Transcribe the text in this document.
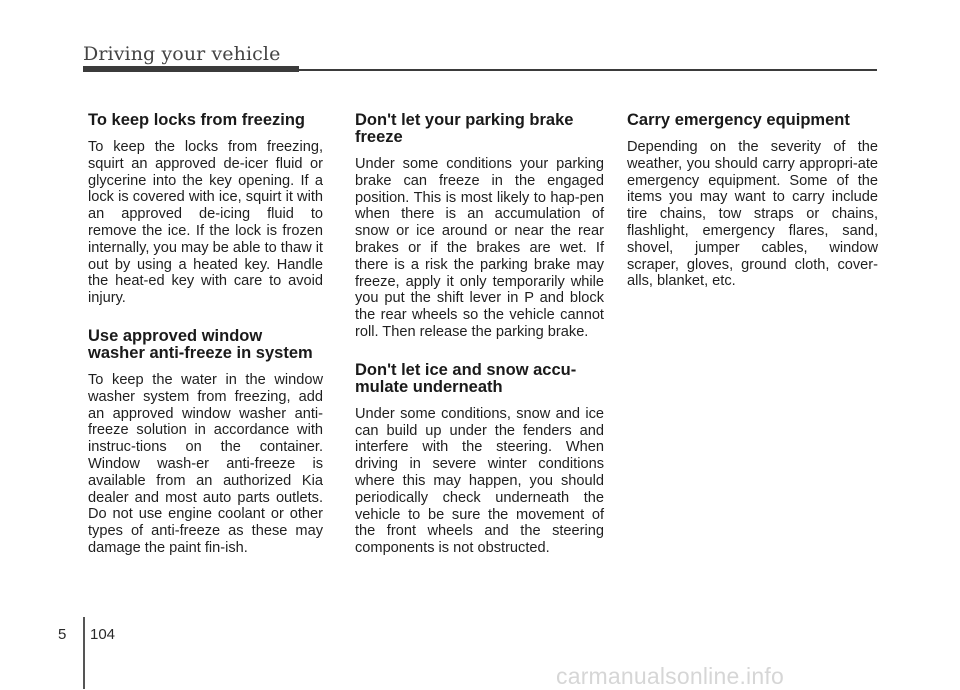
Driving your vehicle
To keep locks from freezing

To keep the locks from freezing, squirt an approved de-icer fluid or glycerine into the key opening. If a lock is covered with ice, squirt it with an approved de-icing fluid to remove the ice. If the lock is frozen internally, you may be able to thaw it out by using a heated key. Handle the heat-ed key with care to avoid injury.

Use approved window washer anti-freeze in system

To keep the water in the window washer system from freezing, add an approved window washer anti-freeze solution in accordance with instruc-tions on the container. Window wash-er anti-freeze is available from an authorized Kia dealer and most auto parts outlets. Do not use engine coolant or other types of anti-freeze as these may damage the paint fin-ish.

Don't let your parking brake freeze

Under some conditions your parking brake can freeze in the engaged position. This is most likely to hap-pen when there is an accumulation of snow or ice around or near the rear brakes or if the brakes are wet. If there is a risk the parking brake may freeze, apply it only temporarily while you put the shift lever in P and block the rear wheels so the vehicle cannot roll. Then release the parking brake.

Don't let ice and snow accu-mulate underneath

Under some conditions, snow and ice can build up under the fenders and interfere with the steering. When driving in severe winter conditions where this may happen, you should periodically check underneath the vehicle to be sure the movement of the front wheels and the steering components is not obstructed.

Carry emergency equipment

Depending on the severity of the weather, you should carry appropri-ate emergency equipment. Some of the items you may want to carry include tire chains, tow straps or chains, flashlight, emergency flares, sand, shovel, jumper cables, window scraper, gloves, ground cloth, cover-alls, blanket, etc.

5 104
carmanualsonline.info
